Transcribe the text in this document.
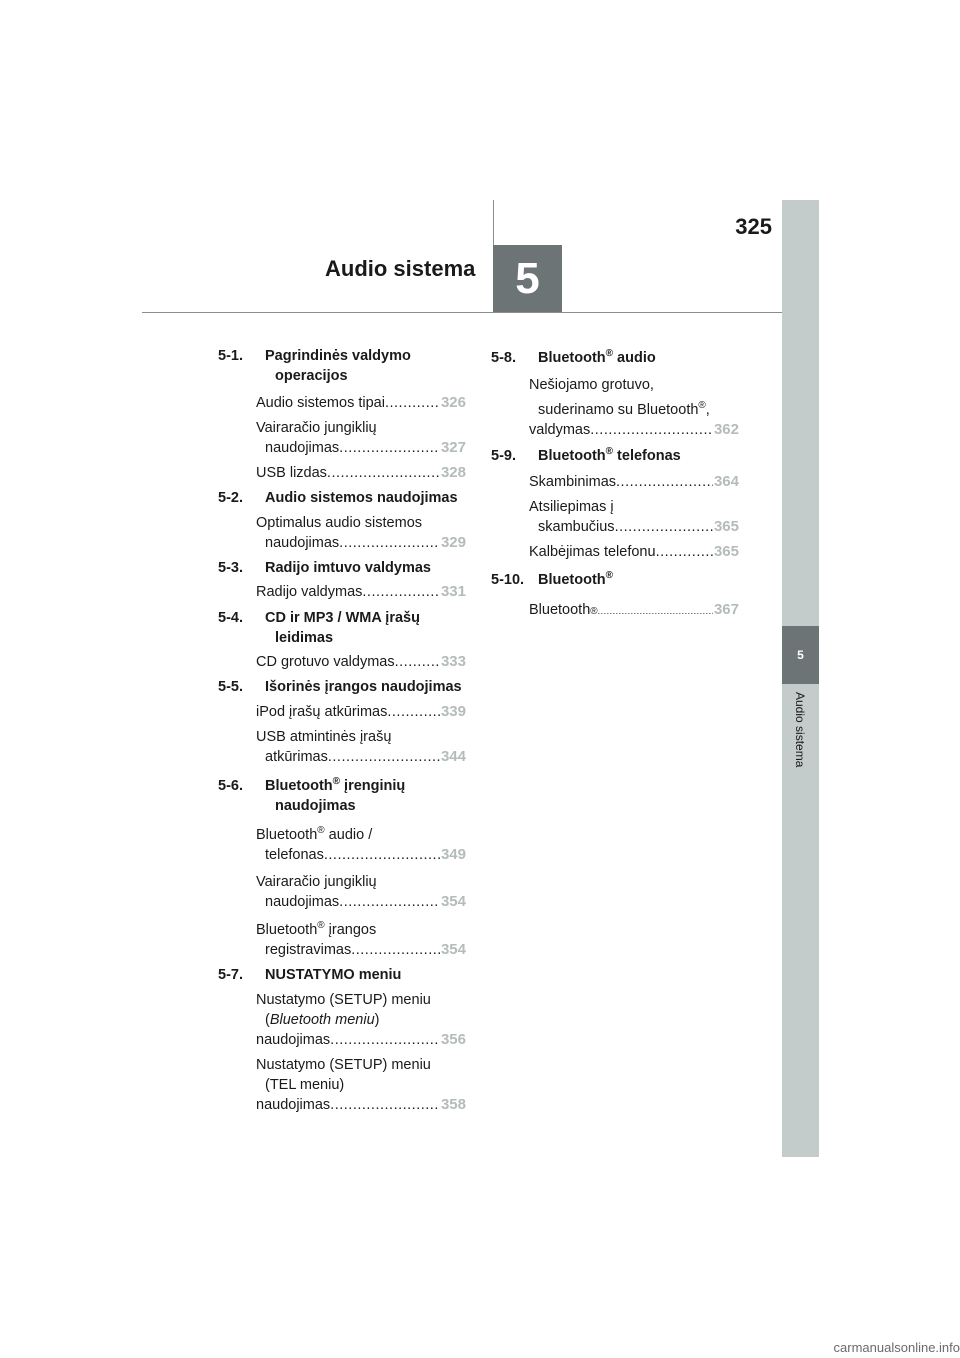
325
5
Audio sistema
5
Audio sistema
5-1. Pagrindinės valdymo
operacijos
Audio sistemos tipai .....	326
Vairaračio jungiklių
naudojimas .....	327
USB lizdas .....	328
5-2. Audio sistemos naudojimas
Optimalus audio sistemos
naudojimas .....	329
5-3. Radijo imtuvo valdymas
Radijo valdymas .....	331
5-4. CD ir MP3 / WMA įrašų
leidimas
CD grotuvo valdymas .....	333
5-5. Išorinės įrangos naudojimas
iPod įrašų atkūrimas .....	339
USB atmintinės įrašų
atkūrimas .....	344
5-6. Bluetooth® įrenginių
naudojimas
Bluetooth® audio /
telefonas .....	349
Vairaračio jungiklių
naudojimas .....	354
Bluetooth® įrangos
registravimas .....	354
5-7. NUSTATYMO meniu
Nustatymo (SETUP) meniu
(Bluetooth meniu)
naudojimas .....	356
Nustatymo (SETUP) meniu
(TEL meniu)
naudojimas .....	358
5-8. Bluetooth® audio
Nešiojamo grotuvo,
suderinamo su Bluetooth®,
valdymas .....	362
5-9. Bluetooth® telefonas
Skambinimas .....	364
Atsiliepimas į
skambučius .....	365
Kalbėjimas telefonu .....	365
5-10. Bluetooth®
Bluetooth ® .....	367
carmanualsonline.info
